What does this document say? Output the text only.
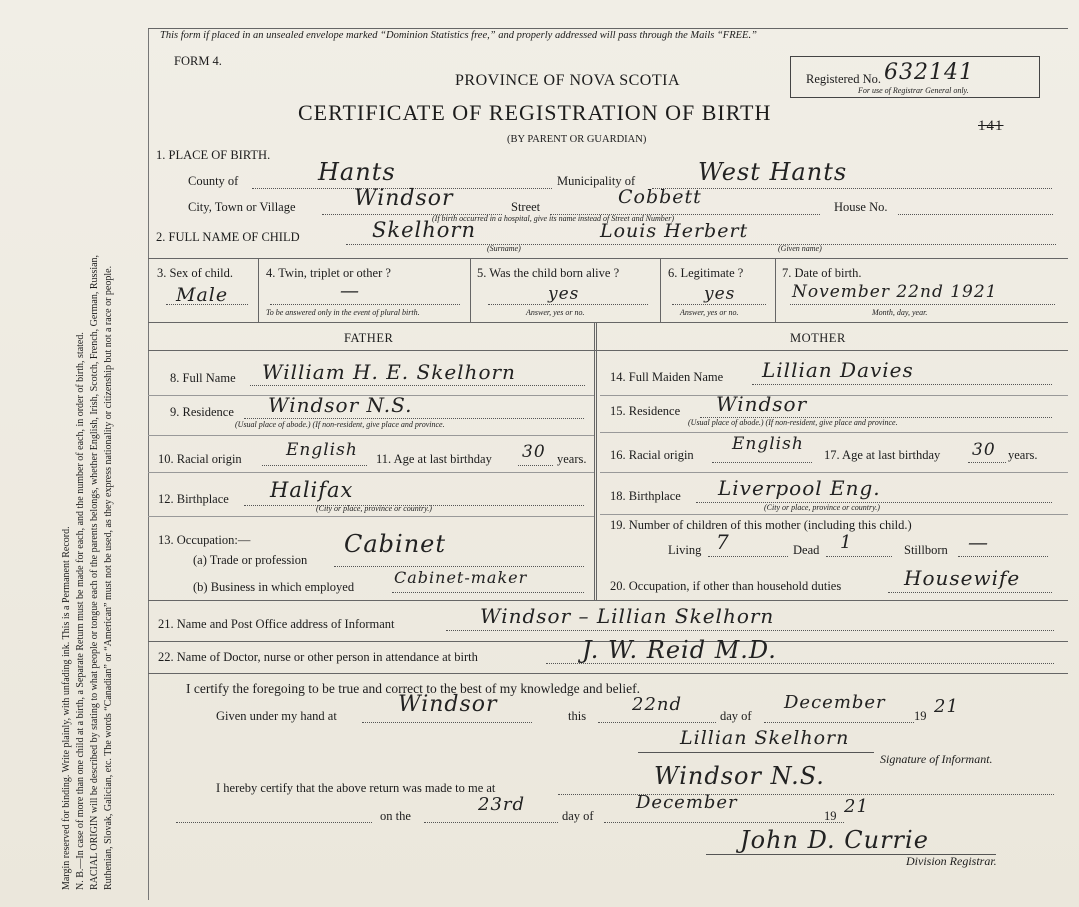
Margin reserved for binding. Write plainly, with unfading ink. This is a Permanent Record. N. B.—In case of more than one child at a birth, a Separate Return must be made for each, and the number of each, in order of birth, stated. RACIAL ORIGIN will be described by stating to what people or tongue each of the parents belongs, whether English, Irish, Scotch, French, German, Russian, Ruthenian, Slovak, Galician, etc. The words “Canadian” or “American” must not be used, as they express nationality or citizenship but not a race or people.
This form if placed in an unsealed envelope marked “Dominion Statistics free,” and properly addressed will pass through the Mails “FREE.”
FORM 4.
PROVINCE OF NOVA SCOTIA
CERTIFICATE OF REGISTRATION OF BIRTH
(BY PARENT OR GUARDIAN)
Registered No. 632141
For use of Registrar General only.
141
1. PLACE OF BIRTH.
County of	Hants	Municipality of	West Hants
City, Town or Village	Windsor	Street	Cobbett	House No.
(If birth occurred in a hospital, give its name instead of Street and Number)
2. FULL NAME OF CHILD	Skelhorn	Louis Herbert
(Surname)	(Given name)
3. Sex of child.
Male
4. Twin, triplet or other ?
—
To be answered only in the event of plural birth.
5. Was the child born alive ?
yes
Answer, yes or no.
6. Legitimate ?
yes
Answer, yes or no.
7. Date of birth.
November 22nd 1921
Month, day, year.
FATHER	MOTHER
8. Full Name William H. E. Skelhorn
9. Residence Windsor N.S.
(Usual place of abode.) (If non-resident, give place and province.
10. Racial origin	English 11. Age at last birthday 30 years.
12. Birthplace Halifax
(City or place, province or country.)
13. Occupation:—
(a) Trade or profession
Cabinet
(b) Business in which employed Cabinet-maker
14. Full Maiden Name Lillian Davies
15. Residence Windsor
(Usual place of abode.) (If non-resident, give place and province.
16. Racial origin
English
17. Age at last birthday 30 years.
18. Birthplace Liverpool Eng.
(City or place, province or country.)
19. Number of children of this mother (including this child.)
Living 7	Dead 1	Stillborn —
20. Occupation, if other than household duties	Housewife
21. Name and Post Office address of Informant	Windsor – Lillian Skelhorn
22. Name of Doctor, nurse or other person in attendance at birth	J. W. Reid M.D.
I certify the foregoing to be true and correct to the best of my knowledge and belief.
Given under my hand at	Windsor	this
22nd
day of
December
19 21
Lillian Skelhorn
Signature of Informant.
I hereby certify that the above return was made to me at	Windsor N.S.
on the
23rd
day of
December
19 21
John D. Currie
Division Registrar.
